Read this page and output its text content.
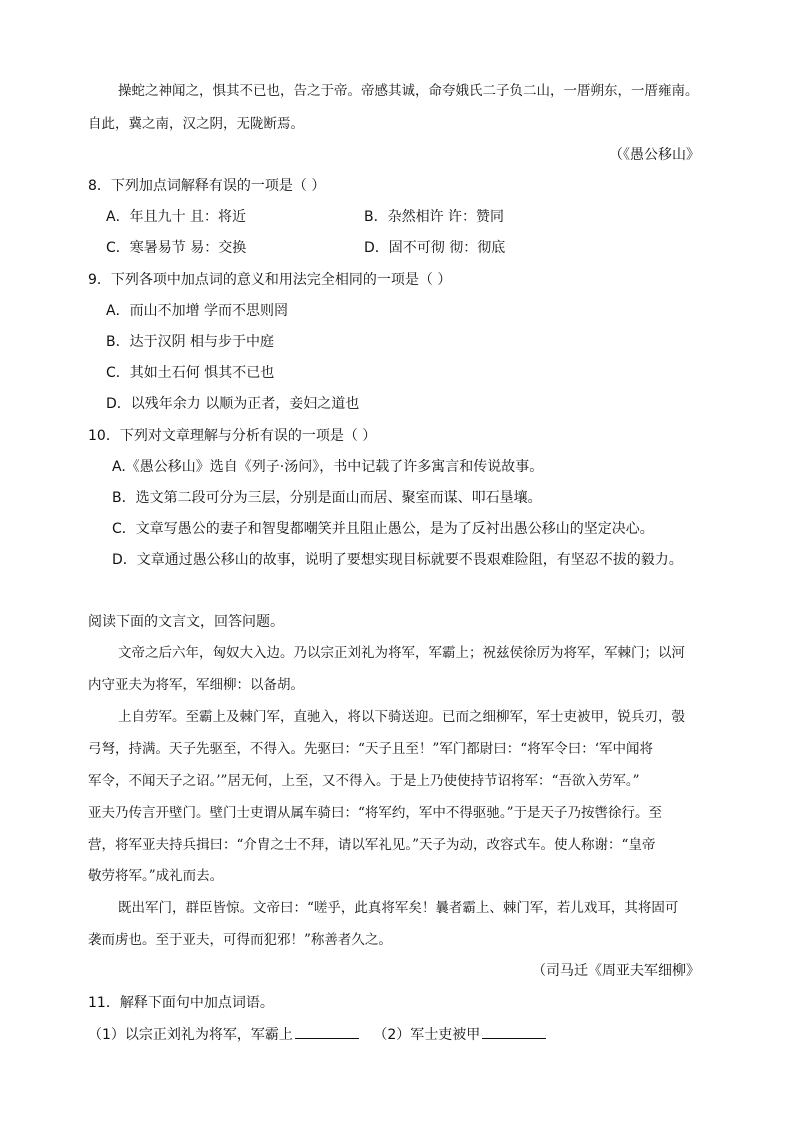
操蛇之神闻之，惧其不已也，告之于帝。帝感其诚，命夸娥氏二子负二山，一厝朔东，一厝雍南。
自此，冀之南，汉之阴，无陇断焉。
（《愚公移山》
8．下列加点词解释有误的一项是（ ）
A．年且九十 且：将近	B．杂然相许 许：赞同
C．寒暑易节 易：交换	D．固不可彻 彻：彻底
9．下列各项中加点词的意义和用法完全相同的一项是（ ）
A．而山不加增 学而不思则罔
B．达于汉阴 相与步于中庭
C．其如土石何 惧其不已也
D．以残年余力 以顺为正者，妾妇之道也
10．下列对文章理解与分析有误的一项是（ ）
A.《愚公移山》选自《列子·汤问》，书中记载了许多寓言和传说故事。
B．选文第二段可分为三层，分别是面山而居、聚室而谋、叩石垦壤。
C．文章写愚公的妻子和智叟都嘲笑并且阻止愚公，是为了反衬出愚公移山的坚定决心。
D．文章通过愚公移山的故事，说明了要想实现目标就要不畏艰难险阻，有坚忍不拔的毅力。
阅读下面的文言文，回答问题。
文帝之后六年，匈奴大入边。乃以宗正刘礼为将军，军霸上；祝兹侯徐厉为将军，军棘门；以河
内守亚夫为将军，军细柳：以备胡。
上自劳军。至霸上及棘门军，直驰入，将以下骑送迎。已而之细柳军，军士吏被甲，锐兵刃，彀
弓弩，持满。天子先驱至，不得入。先驱曰：“天子且至！”军门都尉曰：“将军令曰：‘军中闻将
军令，不闻天子之诏。’”居无何，上至，又不得入。于是上乃使使持节诏将军：“吾欲入劳军。”
亚夫乃传言开壁门。壁门士吏谓从属车骑曰：“将军约，军中不得驱驰。”于是天子乃按辔徐行。至
营，将军亚夫持兵揖曰：“介胄之士不拜，请以军礼见。”天子为动，改容式车。使人称谢：“皇帝
敬劳将军。”成礼而去。
既出军门，群臣皆惊。文帝曰：“嗟乎，此真将军矣！曩者霸上、棘门军，若儿戏耳，其将固可
袭而虏也。至于亚夫，可得而犯邪！”称善者久之。
（司马迁《周亚夫军细柳》
11．解释下面句中加点词语。
（1）以宗正刘礼为将军，军霸上	（2）军士吏被甲
